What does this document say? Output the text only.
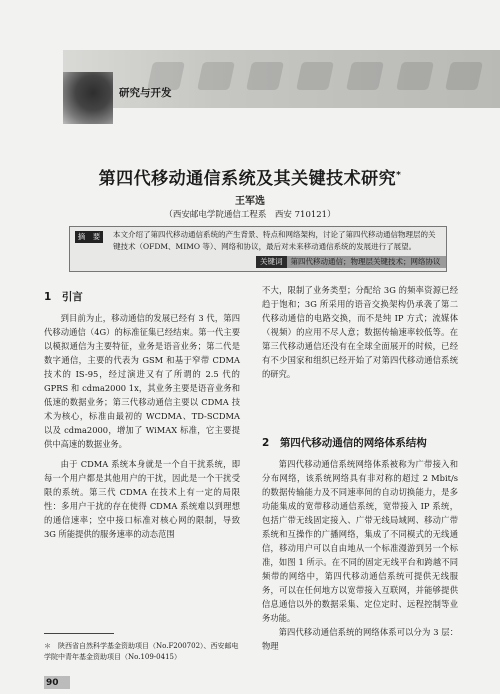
研究与开发
第四代移动通信系统及其关键技术研究*
王军选
（西安邮电学院通信工程系　西安 710121）
摘　要	本文介绍了第四代移动通信系统的产生背景、特点和网络架构，讨论了第四代移动通信物理层的关键技术（OFDM、MIMO 等）、网络和协议，最后对未来移动通信系统的发展进行了展望。
关键词	第四代移动通信；物理层关键技术；网络协议
1　 引言

到目前为止，移动通信的发展已经有 3 代，第四代移动通信（4G）的标准征集已经结束。第一代主要以模拟通信为主要特征，业务是语音业务；第二代是数字通信，主要的代表为 GSM 和基于窄带 CDMA 技术的 IS-95，经过演进又有了所谓的 2.5 代的 GPRS 和 cdma2000 1x，其业务主要是语音业务和低速的数据业务；第三代移动通信主要以 CDMA 技术为核心，标准由最初的 WCDMA、TD-SCDMA 以及 cdma2000，增加了 WiMAX 标准，它主要提供中高速的数据业务。

由于 CDMA 系统本身就是一个自干扰系统，即每一个用户都是其他用户的干扰，因此是一个干扰受限的系统。第三代 CDMA 在技术上有一定的局限性：多用户干扰的存在使得 CDMA 系统难以到理想的通信速率；空中接口标准对核心网的限制，导致 3G 所能提供的服务速率的动态范围

不大，限制了业务类型；分配给 3G 的频率资源已经趋于饱和；3G 所采用的语音交换架构仍承袭了第二代移动通信的电路交换，而不是纯 IP 方式；流媒体（视频）的应用不尽人意；数据传输速率较低等。在第三代移动通信还没有在全球全面展开的时候，已经有不少国家和组织已经开始了对第四代移动通信系统的研究。

2　 第四代移动通信的网络体系结构

第四代移动通信系统网络体系被称为广带接入和分布网络，该系统网络具有非对称的超过 2 Mbit/s 的数据传输能力及不同速率间的自动切换能力，是多功能集成的宽带移动通信系统，宽带接入 IP 系统，包括广带无线固定接入、广带无线局域网、移动广带系统和互操作的广播网络，集成了不同模式的无线通信，移动用户可以自由地从一个标准漫游到另一个标准，如图 1 所示。在不同的固定无线平台和跨越不同频带的网络中，第四代移动通信系统可提供无线服务，可以在任何地方以宽带接入互联网，并能够提供信息通信以外的数据采集、定位定时、远程控制等业务功能。

第四代移动通信系统的网络体系可以分为 3 层：物理

＊　陕西省自然科学基金资助项目（No.F200702）、西安邮电学院中青年基金资助项目（No.109-0415）
90
